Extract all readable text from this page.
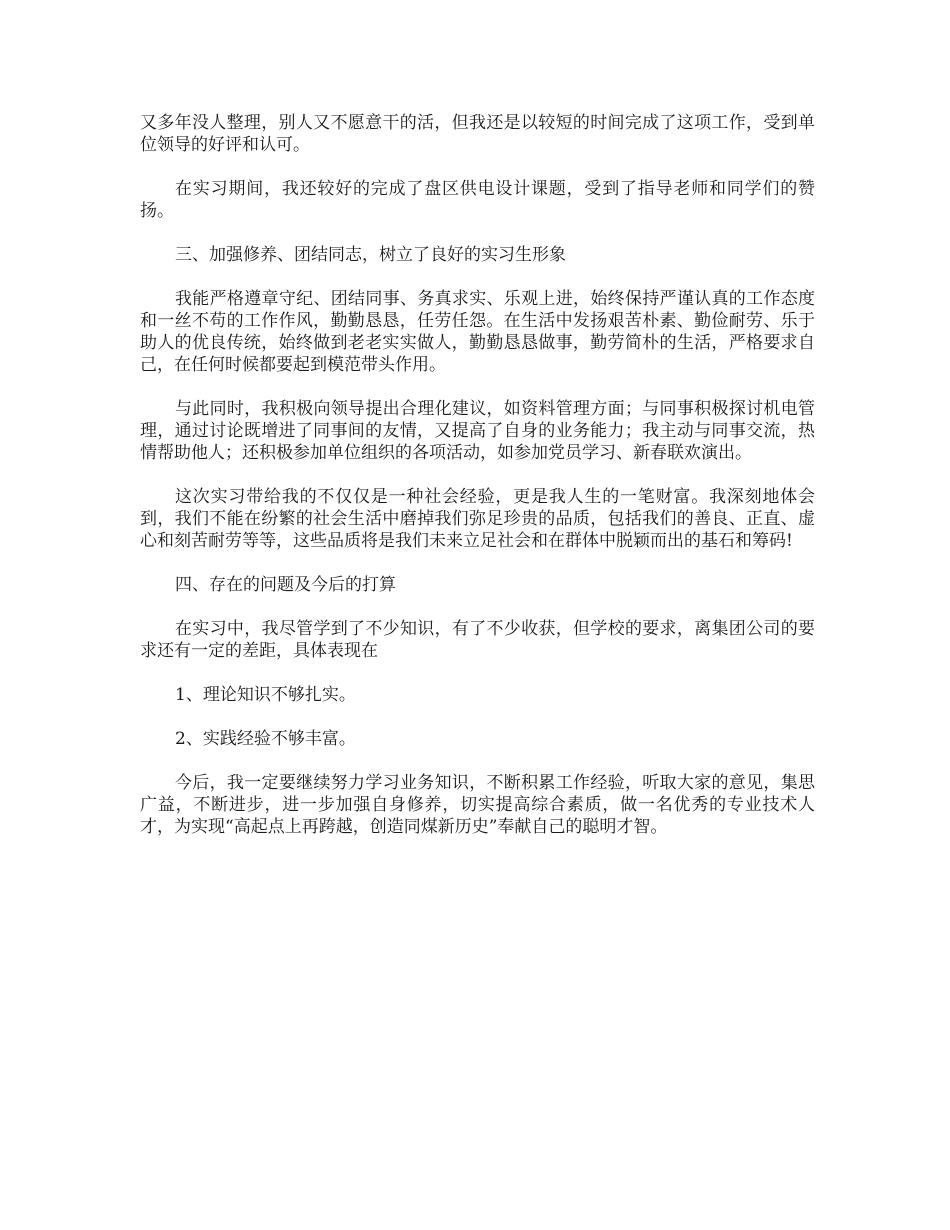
又多年没人整理，别人又不愿意干的活，但我还是以较短的时间完成了这项工作，受到单位领导的好评和认可。

在实习期间，我还较好的完成了盘区供电设计课题，受到了指导老师和同学们的赞扬。

三、加强修养、团结同志，树立了良好的实习生形象

我能严格遵章守纪、团结同事、务真求实、乐观上进，始终保持严谨认真的工作态度和一丝不苟的工作作风，勤勤恳恳，任劳任怨。在生活中发扬艰苦朴素、勤俭耐劳、乐于助人的优良传统，始终做到老老实实做人，勤勤恳恳做事，勤劳简朴的生活，严格要求自己，在任何时候都要起到模范带头作用。

与此同时，我积极向领导提出合理化建议，如资料管理方面；与同事积极探讨机电管理，通过讨论既增进了同事间的友情，又提高了自身的业务能力；我主动与同事交流，热情帮助他人；还积极参加单位组织的各项活动，如参加党员学习、新春联欢演出。

这次实习带给我的不仅仅是一种社会经验，更是我人生的一笔财富。我深刻地体会到，我们不能在纷繁的社会生活中磨掉我们弥足珍贵的品质，包括我们的善良、正直、虚心和刻苦耐劳等等，这些品质将是我们未来立足社会和在群体中脱颖而出的基石和筹码!

四、存在的问题及今后的打算

在实习中，我尽管学到了不少知识，有了不少收获，但学校的要求，离集团公司的要求还有一定的差距，具体表现在

1、理论知识不够扎实。

2、实践经验不够丰富。

今后，我一定要继续努力学习业务知识，不断积累工作经验，听取大家的意见，集思广益，不断进步，进一步加强自身修养，切实提高综合素质，做一名优秀的专业技术人才，为实现“高起点上再跨越，创造同煤新历史”奉献自己的聪明才智。
